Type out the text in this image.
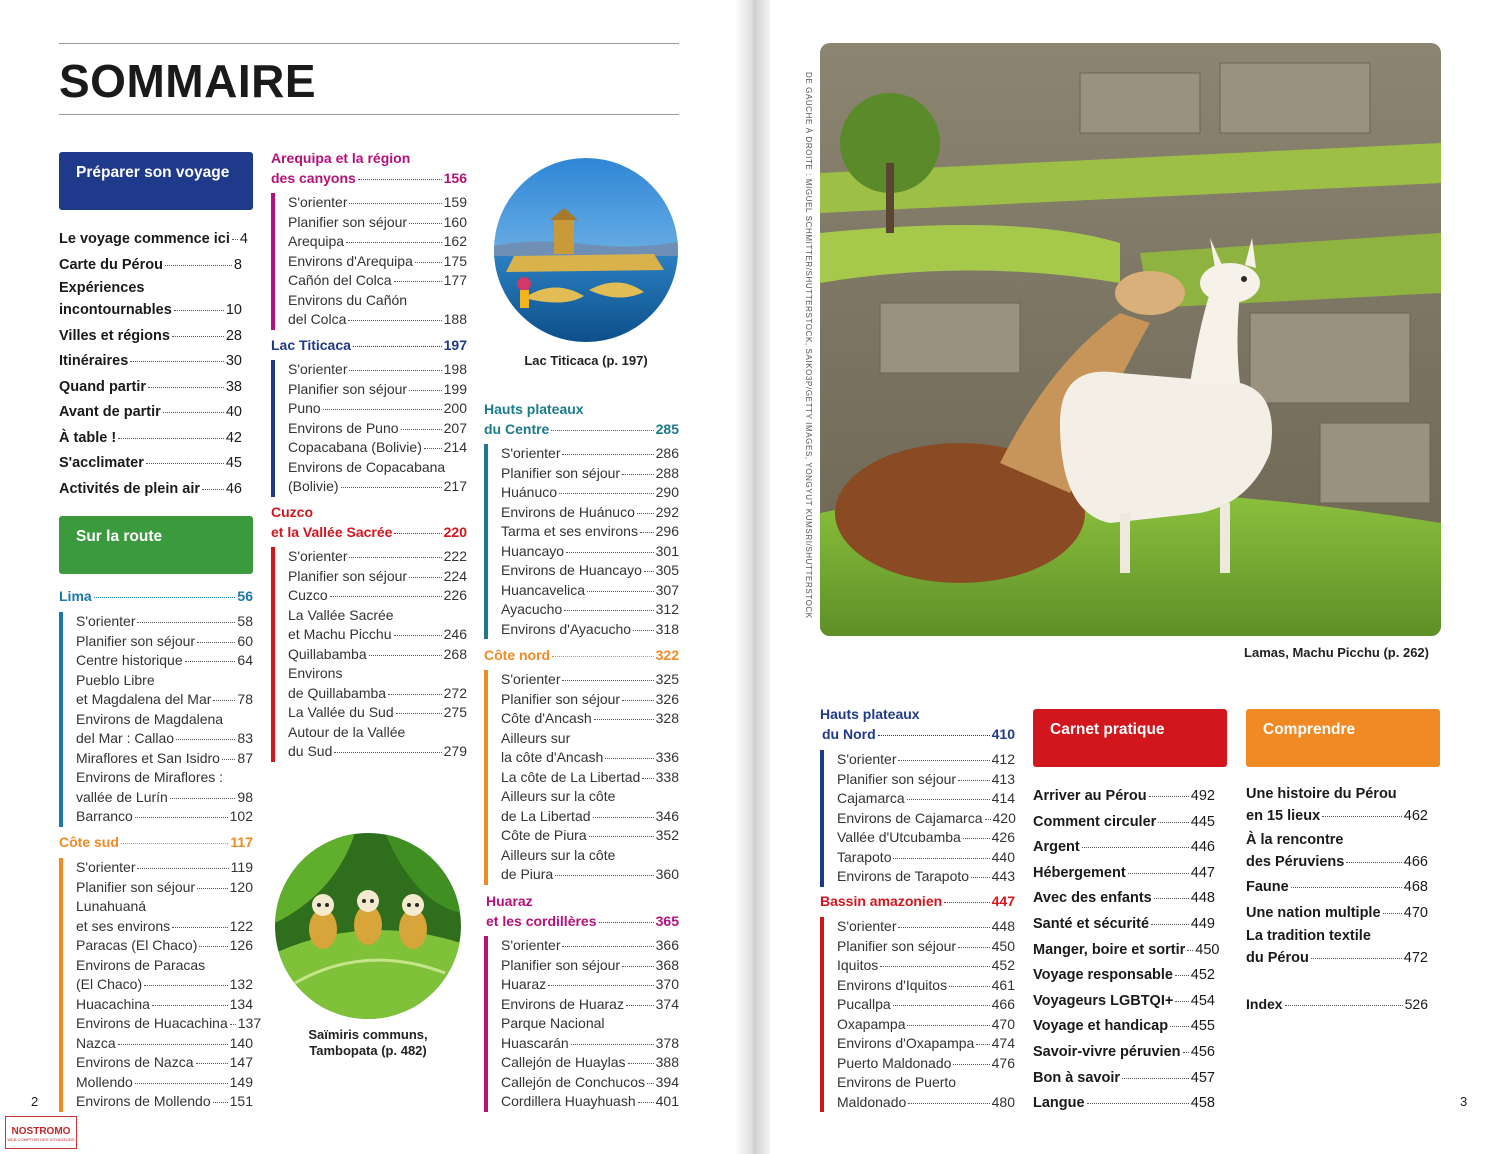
SOMMAIRE
Préparer son voyage
Le voyage commence ici 4
Carte du Pérou	8
Expériences
incontournables	10
Villes et régions	28
Itinéraires	30
Quand partir	38
Avant de partir	40
À table !	42
S'acclimater	45
Activités de plein air 46
Sur la route
Lima	56
S'orienter	58
Planifier son séjour	60
Centre historique	64
Pueblo Libre
et Magdalena del Mar 78
Environs de Magdalena
del Mar : Callao	83
Miraflores et San Isidro 87
Environs de Miraflores :
vallée de Lurín	98
Barranco	102
Côte sud	117
S'orienter	119
Planifier son séjour 120
Lunahuaná
et ses environs	122
Paracas (El Chaco) 126
Environs de Paracas
(El Chaco)	132
Huacachina	134
Environs de Huacachina 137
Nazca	140
Environs de Nazca	147
Mollendo	149
Environs de Mollendo 151
Arequipa et la région
des canyons	156
S'orienter	159
Planifier son séjour	160
Arequipa	162
Environs d'Arequipa 175
Cañón del Colca	177
Environs du Cañón
del Colca	188
Lac Titicaca	197
S'orienter	198
Planifier son séjour	199
Puno	200
Environs de Puno	207
Copacabana (Bolivie) 214
Environs de Copacabana
(Bolivie)	217
Cuzco
et la Vallée Sacrée	220
S'orienter	222
Planifier son séjour	224
Cuzco	226
La Vallée Sacrée
et Machu Picchu	246
Quillabamba	268
Environs
de Quillabamba	272
La Vallée du Sud	275
Autour de la Vallée
du Sud	279
Lac Titicaca (p. 197)
Hauts plateaux
du Centre	285
S'orienter	286
Planifier son séjour	288
Huánuco	290
Environs de Huánuco 292
Tarma et ses environs 296
Huancayo	301
Environs de Huancayo 305
Huancavelica	307
Ayacucho	312
Environs d'Ayacucho 318
Côte nord	322
S'orienter	325
Planifier son séjour	326
Côte d'Ancash	328
Ailleurs sur
la côte d'Ancash	336
La côte de La Libertad 338
Ailleurs sur la côte
de La Libertad	346
Côte de Piura	352
Ailleurs sur la côte
de Piura	360
Huaraz
et les cordillères	365
S'orienter	366
Planifier son séjour	368
Huaraz	370
Environs de Huaraz 374
Parque Nacional
Huascarán	378
Callejón de Huaylas 388
Callejón de Conchucos 394
Cordillera Huayhuash 401
Saïmiris communs,
Tambopata (p. 482)
2
NOSTROMO
WEB COMPTOIR DES VOYAGEURS
DE GAUCHE À DROITE : MIGUEL SCHMITTER/SHUTTERSTOCK, SAIKO3P/GETTY IMAGES, YONGYUT KUMSRI/SHUTTERSTOCK
Lamas, Machu Picchu (p. 262)
Hauts plateaux
du Nord	410
S'orienter	412
Planifier son séjour	413
Cajamarca	414
Environs de Cajamarca 420
Vallée d'Utcubamba 426
Tarapoto	440
Environs de Tarapoto 443
Bassin amazonien	447
S'orienter	448
Planifier son séjour	450
Iquitos	452
Environs d'Iquitos	461
Pucallpa	466
Oxapampa	470
Environs d'Oxapampa 474
Puerto Maldonado	476
Environs de Puerto
Maldonado	480
Carnet pratique
Arriver au Pérou	492
Comment circuler 445
Argent	446
Hébergement	447
Avec des enfants	448
Santé et sécurité	449
Manger, boire et sortir 450
Voyage responsable 452
Voyageurs LGBTQI+ 454
Voyage et handicap 455
Savoir-vivre péruvien 456
Bon à savoir	457
Langue	458
Comprendre
Une histoire du Pérou
en 15 lieux	462
À la rencontre
des Péruviens	466
Faune	468
Une nation multiple 470
La tradition textile
du Pérou	472
Index	526
3
